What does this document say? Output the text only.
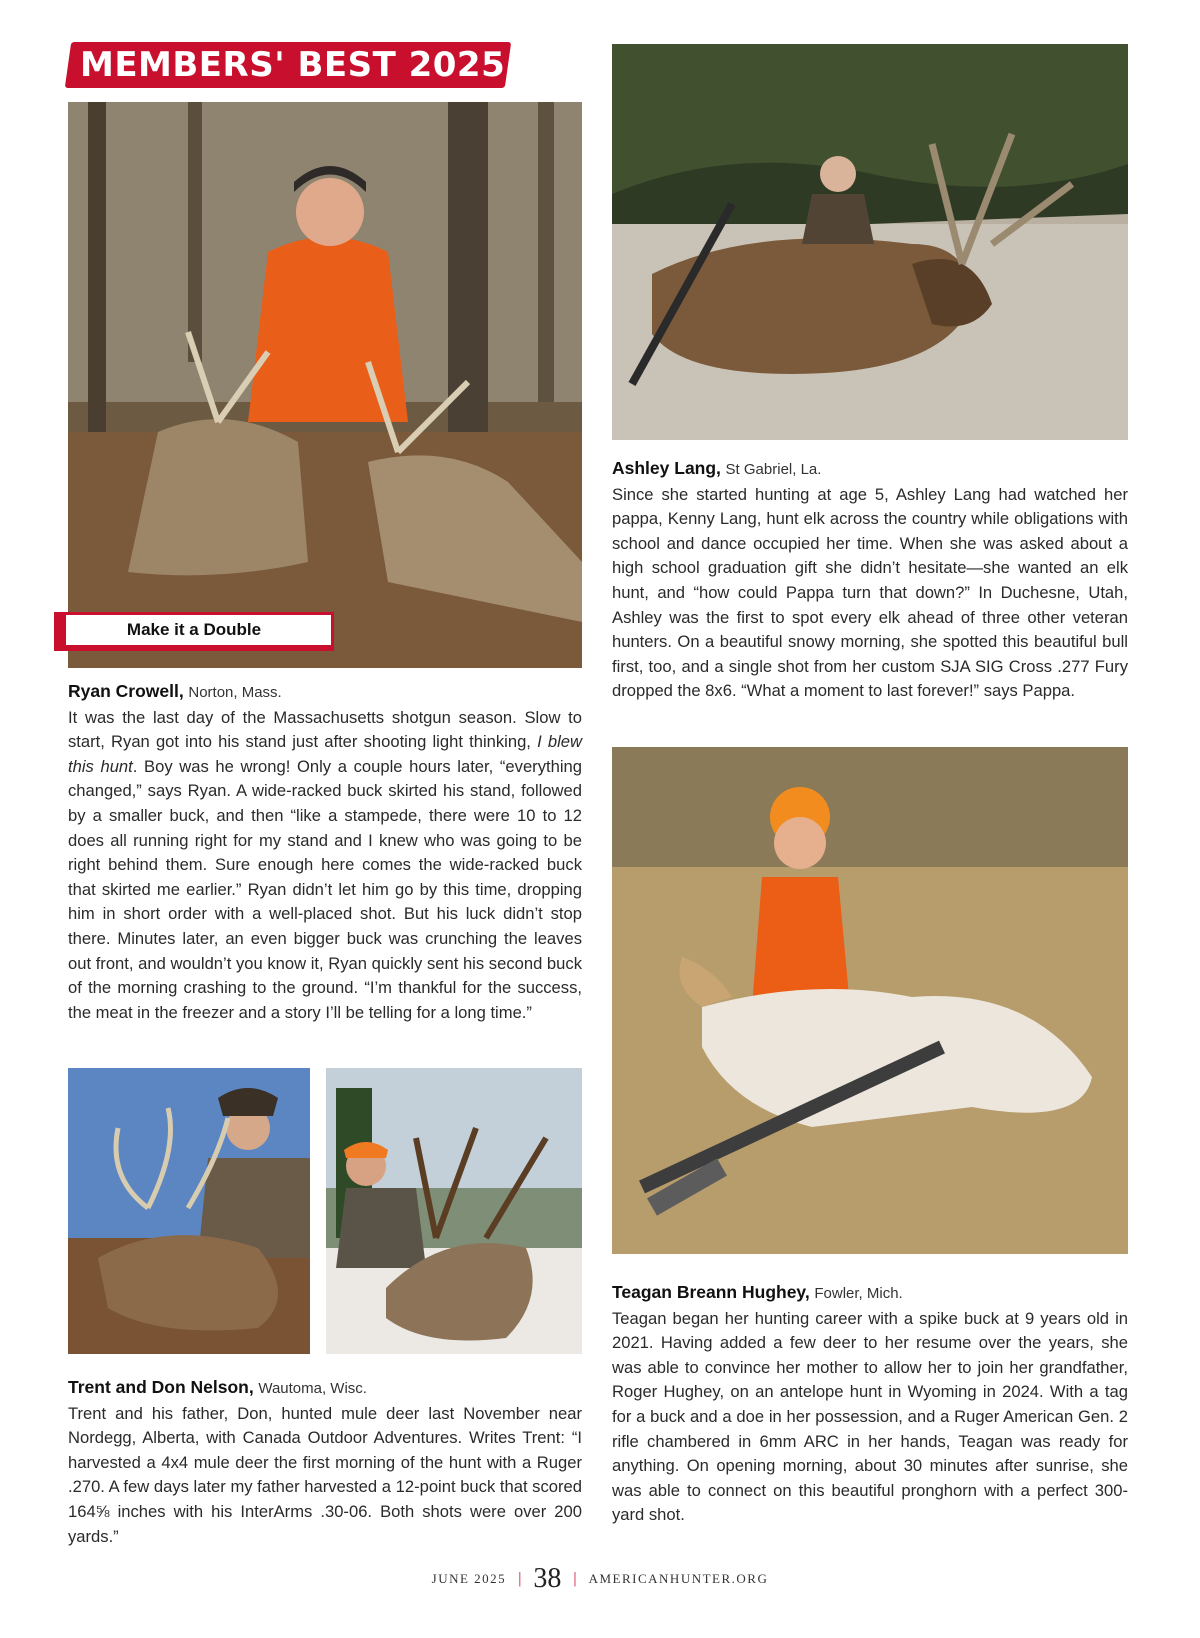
MEMBERS' BEST 2025
Make it a Double
Ryan Crowell, Norton, Mass.
It was the last day of the Massachusetts shotgun season. Slow to start, Ryan got into his stand just after shooting light thinking, I blew this hunt. Boy was he wrong! Only a couple hours later, “everything changed,” says Ryan. A wide-racked buck skirted his stand, followed by a smaller buck, and then “like a stampede, there were 10 to 12 does all running right for my stand and I knew who was going to be right behind them. Sure enough here comes the wide-racked buck that skirted me earlier.” Ryan didn’t let him go by this time, dropping him in short order with a well-placed shot. But his luck didn’t stop there. Minutes later, an even bigger buck was crunching the leaves out front, and wouldn’t you know it, Ryan quickly sent his second buck of the morning crashing to the ground. “I’m thankful for the success, the meat in the freezer and a story I’ll be telling for a long time.”
Ashley Lang, St Gabriel, La.
Since she started hunting at age 5, Ashley Lang had watched her pappa, Kenny Lang, hunt elk across the country while obligations with school and dance occupied her time. When she was asked about a high school graduation gift she didn’t hesitate—she wanted an elk hunt, and “how could Pappa turn that down?” In Duchesne, Utah, Ashley was the first to spot every elk ahead of three other veteran hunters. On a beautiful snowy morning, she spotted this beautiful bull first, too, and a single shot from her custom SJA SIG Cross .277 Fury dropped the 8x6. “What a moment to last forever!” says Pappa.
Trent and Don Nelson, Wautoma, Wisc.
Trent and his father, Don, hunted mule deer last November near Nordegg, Alberta, with Canada Outdoor Adventures. Writes Trent: “I harvested a 4x4 mule deer the first morning of the hunt with a Ruger .270. A few days later my father harvested a 12-point buck that scored 164⅝ inches with his InterArms .30-06. Both shots were over 200 yards.”
Teagan Breann Hughey, Fowler, Mich.
Teagan began her hunting career with a spike buck at 9 years old in 2021. Having added a few deer to her resume over the years, she was able to convince her mother to allow her to join her grandfather, Roger Hughey, on an antelope hunt in Wyoming in 2024. With a tag for a buck and a doe in her possession, and a Ruger American Gen. 2 rifle chambered in 6mm ARC in her hands, Teagan was ready for anything. On opening morning, about 30 minutes after sunrise, she was able to connect on this beautiful pronghorn with a perfect 300-yard shot.
JUNE 2025 | 38 | AMERICANHUNTER.ORG
